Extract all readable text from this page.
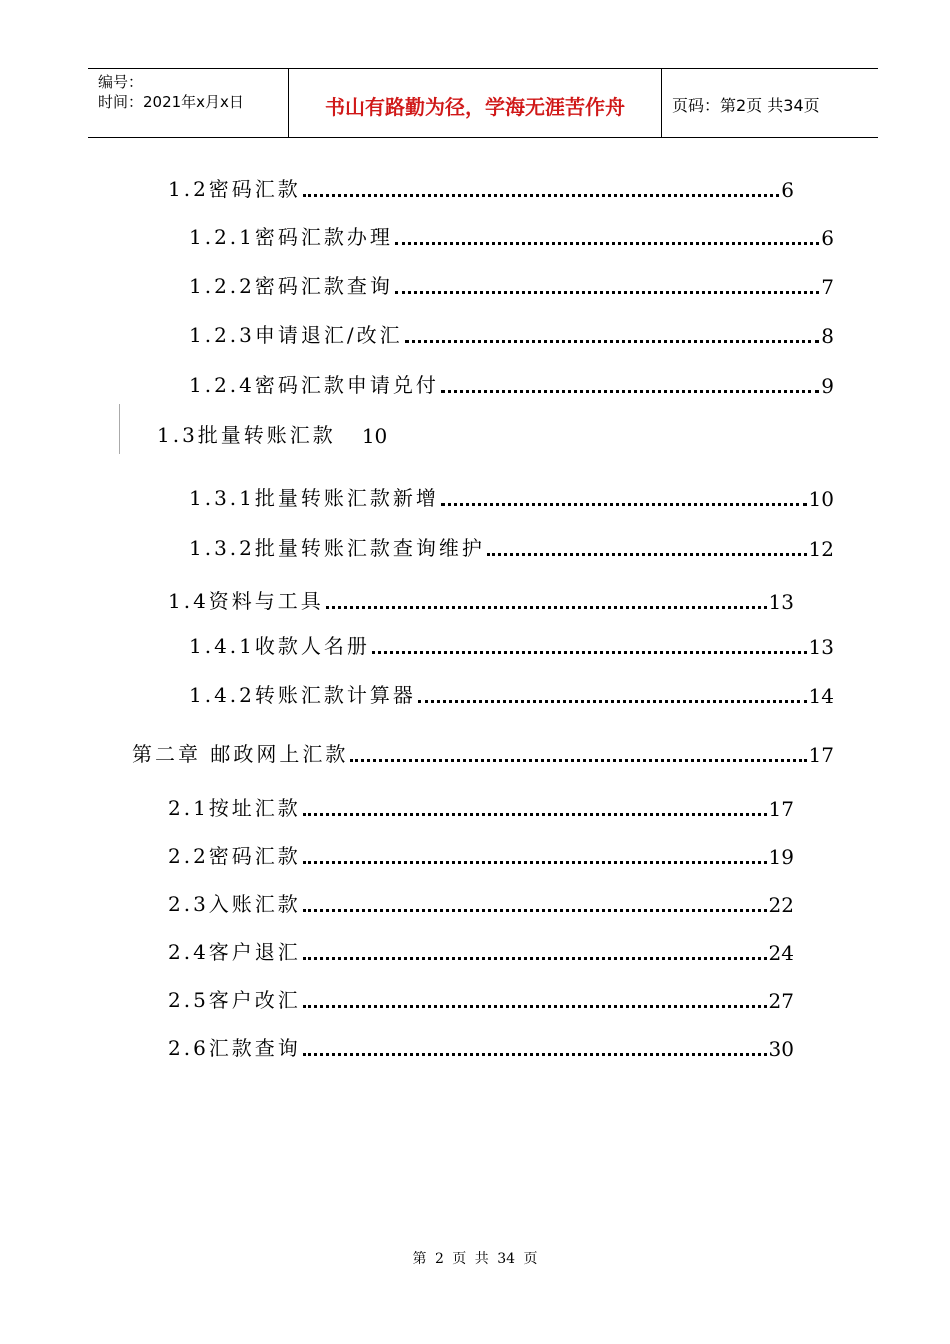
编号：
时间：2021年x月x日	书山有路勤为径，学海无涯苦作舟	页码：第2页 共34页
1.2密码汇款	6
1.2.1密码汇款办理	6
1.2.2密码汇款查询	7
1.2.3申请退汇/改汇	8
1.2.4密码汇款申请兑付	9
1.3批量转账汇款 10
1.3.1批量转账汇款新增	10
1.3.2批量转账汇款查询维护	12
1.4资料与工具	13
1.4.1收款人名册	13
1.4.2转账汇款计算器	14
第二章 邮政网上汇款	17
2.1按址汇款	17
2.2密码汇款	19
2.3入账汇款	22
2.4客户退汇	24
2.5客户改汇	27
2.6汇款查询	30
第 2 页 共 34 页
